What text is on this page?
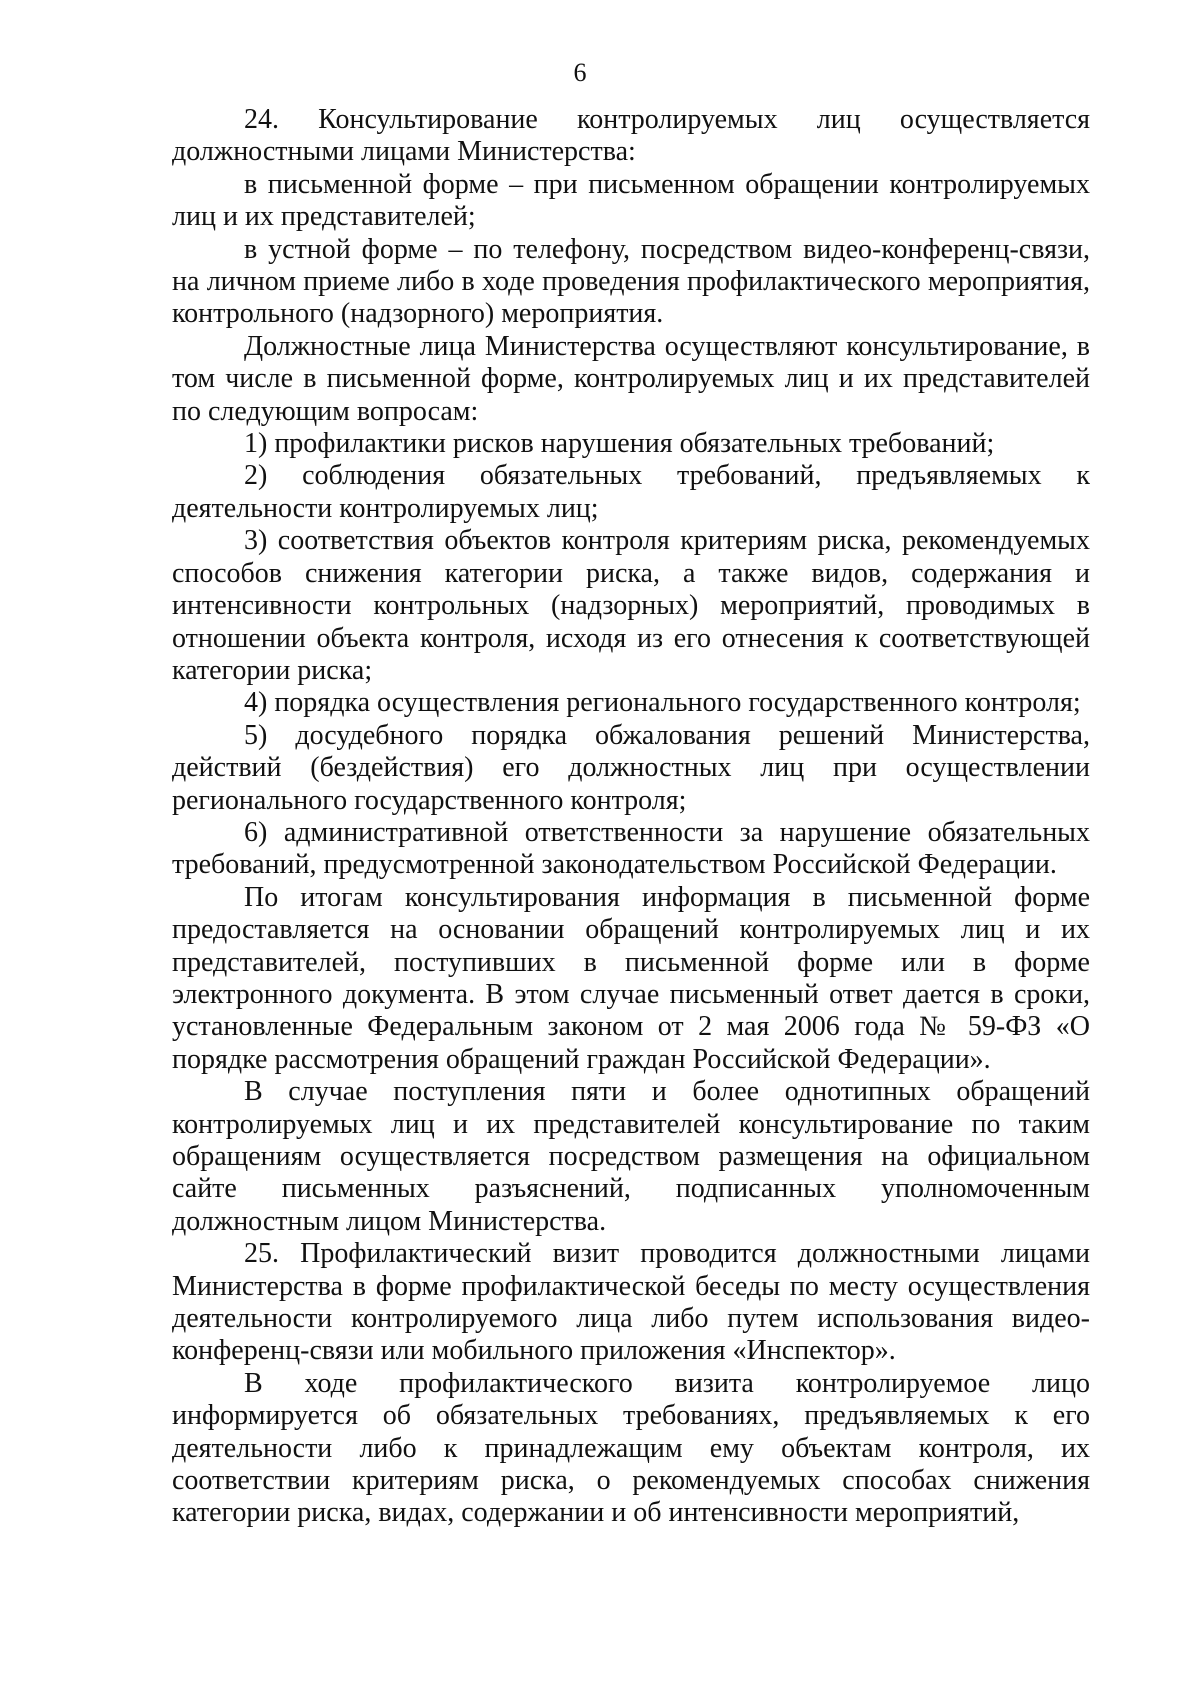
6

24. Консультирование контролируемых лиц осуществляется должностными лицами Министерства:

в письменной форме – при письменном обращении контролируемых лиц и их представителей;

в устной форме – по телефону, посредством видео-конференц-связи, на личном приеме либо в ходе проведения профилактического мероприятия, контрольного (надзорного) мероприятия.

Должностные лица Министерства осуществляют консультирование, в том числе в письменной форме, контролируемых лиц и их представителей по следующим вопросам:

1) профилактики рисков нарушения обязательных требований;

2) соблюдения обязательных требований, предъявляемых к деятельности контролируемых лиц;

3) соответствия объектов контроля критериям риска, рекомендуемых способов снижения категории риска, а также видов, содержания и интенсивности контрольных (надзорных) мероприятий, проводимых в отношении объекта контроля, исходя из его отнесения к соответствующей категории риска;

4) порядка осуществления регионального государственного контроля;

5) досудебного порядка обжалования решений Министерства, действий (бездействия) его должностных лиц при осуществлении регионального государственного контроля;

6) административной ответственности за нарушение обязательных требований, предусмотренной законодательством Российской Федерации.

По итогам консультирования информация в письменной форме предоставляется на основании обращений контролируемых лиц и их представителей, поступивших в письменной форме или в форме электронного документа. В этом случае письменный ответ дается в сроки, установленные Федеральным законом от 2 мая 2006 года № 59-ФЗ «О порядке рассмотрения обращений граждан Российской Федерации».

В случае поступления пяти и более однотипных обращений контролируемых лиц и их представителей консультирование по таким обращениям осуществляется посредством размещения на официальном сайте письменных разъяснений, подписанных уполномоченным должностным лицом Министерства.

25. Профилактический визит проводится должностными лицами Министерства в форме профилактической беседы по месту осуществления деятельности контролируемого лица либо путем использования видео-конференц-связи или мобильного приложения «Инспектор».

В ходе профилактического визита контролируемое лицо информируется об обязательных требованиях, предъявляемых к его деятельности либо к принадлежащим ему объектам контроля, их соответствии критериям риска, о рекомендуемых способах снижения категории риска, видах, содержании и об интенсивности мероприятий,
